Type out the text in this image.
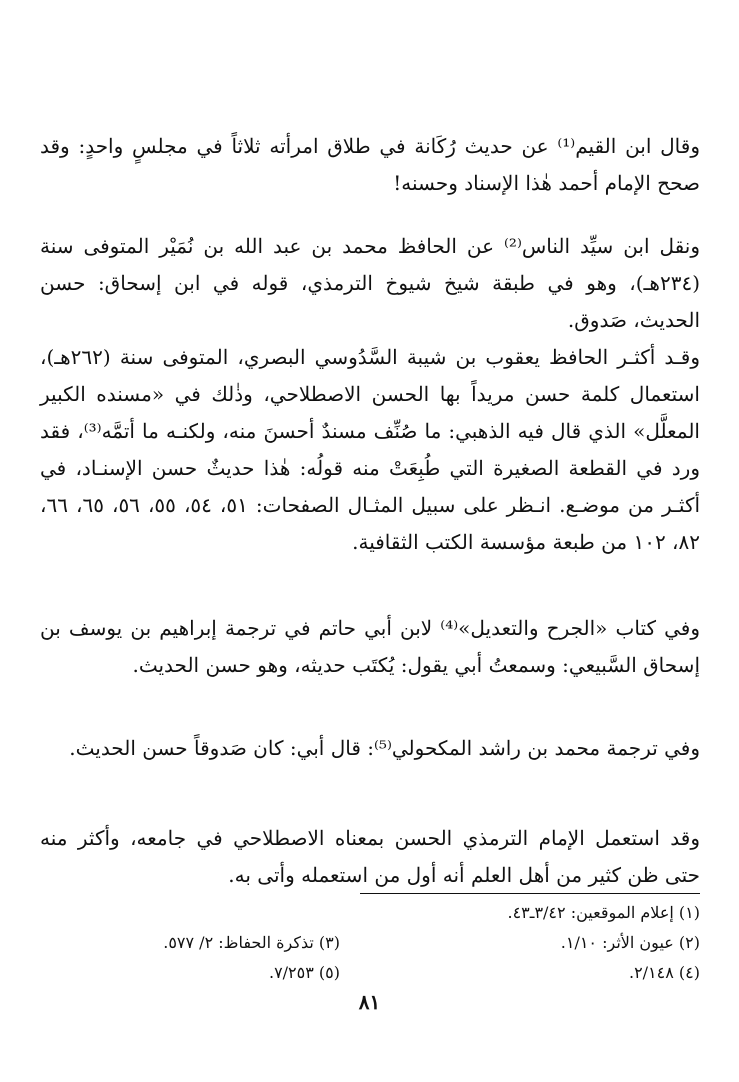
وقال ابن القيم⁽¹⁾ عن حديث رُكَانة في طلاق امرأته ثلاثاً في مجلسٍ واحدٍ: وقد صحح الإمام أحمد هٰذا الإسناد وحسنه!

ونقل ابن سيِّد الناس⁽²⁾ عن الحافظ محمد بن عبد الله بن نُمَيْر المتوفى سنة (٢٣٤هـ)، وهو في طبقة شيخ شيوخ الترمذي، قوله في ابن إسحاق: حسن الحديث، صَدوق.

وقـد أكثـر الحافظ يعقوب بن شيبة السَّدُوسي البصري، المتوفى سنة (٢٦٢هـ)، استعمال كلمة حسن مريداً بها الحسن الاصطلاحي، وذٰلك في «مسنده الكبير المعلَّل» الذي قال فيه الذهبي: ما صُنِّف مسندٌ أحسنَ منه، ولكنـه ما أتمَّه⁽³⁾، فقد ورد في القطعة الصغيرة التي طُبِعَتْ منه قولُه: هٰذا حديثٌ حسن الإسنـاد، في أكثـر من موضـع. انـظر على سبيل المثـال الصفحات: ٥١، ٥٤، ٥٥، ٥٦، ٦٥، ٦٦، ٨٢، ١٠٢ من طبعة مؤسسة الكتب الثقافية.

وفي كتاب «الجرح والتعديل»⁽⁴⁾ لابن أبي حاتم في ترجمة إبراهيم بن يوسف بن إسحاق السَّبيعي: وسمعتُ أبي يقول: يُكتَب حديثه، وهو حسن الحديث.

وفي ترجمة محمد بن راشد المكحولي⁽⁵⁾: قال أبي: كان صَدوقاً حسن الحديث.

وقد استعمل الإمام الترمذي الحسن بمعناه الاصطلاحي في جامعه، وأكثر منه حتى ظن كثير من أهل العلم أنه أول من استعمله وأتى به.

(١) إعلام الموقعين: ٣/٤٢ـ٤٣.
(٢) عيون الأثر: ١/١٠.
(٣) تذكرة الحفاظ: ٢/ ٥٧٧.
(٤) ٢/١٤٨.
(٥) ٧/٢٥٣.
٨١
